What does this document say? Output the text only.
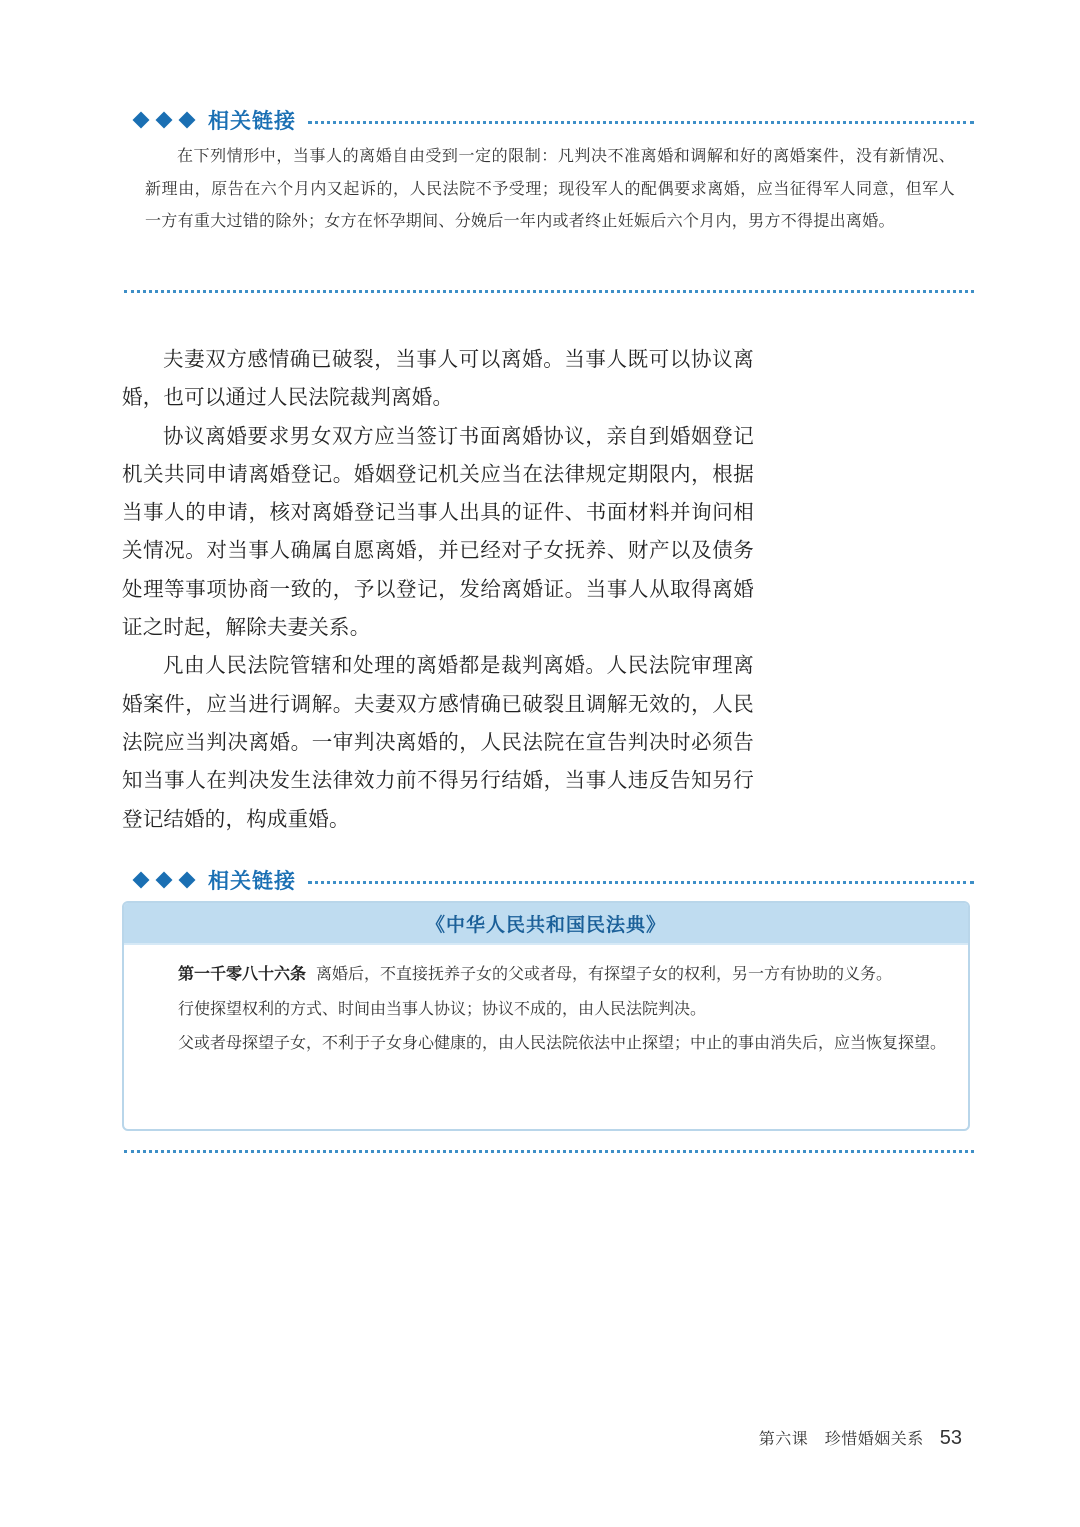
相关链接

在下列情形中，当事人的离婚自由受到一定的限制：凡判决不准离婚和调解和好的离婚案件，没有新情况、新理由，原告在六个月内又起诉的，人民法院不予受理；现役军人的配偶要求离婚，应当征得军人同意，但军人一方有重大过错的除外；女方在怀孕期间、分娩后一年内或者终止妊娠后六个月内，男方不得提出离婚。

夫妻双方感情确已破裂，当事人可以离婚。当事人既可以协议离婚，也可以通过人民法院裁判离婚。

协议离婚要求男女双方应当签订书面离婚协议，亲自到婚姻登记机关共同申请离婚登记。婚姻登记机关应当在法律规定期限内，根据当事人的申请，核对离婚登记当事人出具的证件、书面材料并询问相关情况。对当事人确属自愿离婚，并已经对子女抚养、财产以及债务处理等事项协商一致的，予以登记，发给离婚证。当事人从取得离婚证之时起，解除夫妻关系。

凡由人民法院管辖和处理的离婚都是裁判离婚。人民法院审理离婚案件，应当进行调解。夫妻双方感情确已破裂且调解无效的，人民法院应当判决离婚。一审判决离婚的，人民法院在宣告判决时必须告知当事人在判决发生法律效力前不得另行结婚，当事人违反告知另行登记结婚的，构成重婚。

相关链接
《中华人民共和国民法典》

第一千零八十六条 离婚后，不直接抚养子女的父或者母，有探望子女的权利，另一方有协助的义务。

行使探望权利的方式、时间由当事人协议；协议不成的，由人民法院判决。

父或者母探望子女，不利于子女身心健康的，由人民法院依法中止探望；中止的事由消失后，应当恢复探望。

第六课　珍惜婚姻关系 53
